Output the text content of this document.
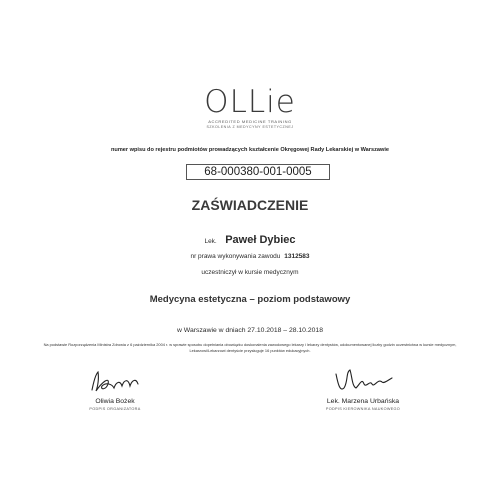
OLLie
ACCREDITED MEDICINE TRAINING
SZKOLENIA Z MEDYCYNY ESTETYCZNEJ
numer wpisu do rejestru podmiotów prowadzących kształcenie Okręgowej Rady Lekarskiej w Warszawie
68-000380-001-0005
ZAŚWIADCZENIE
Lek. Paweł Dybiec
nr prawa wykonywania zawodu 1312583
uczestniczył w kursie medycznym
Medycyna estetyczna – poziom podstawowy
w Warszawie w dniach 27.10.2018 – 28.10.2018
Na podstawie Rozporządzenia Ministra Zdrowia z 6 października 2004 r. w sprawie sposobu dopełniania obowiązku doskonalenia zawodowego lekarzy i lekarzy dentystów, udokumentowanej liczby godzin uczestnictwa w kursie medycznym, Lekarzowi/Lekarzowi dentyście przysługuje 16 punktów edukacyjnych.
Oliwia Bożek
PODPIS ORGANIZATORA
Lek. Marzena Urbańska
PODPIS KIEROWNIKA NAUKOWEGO
